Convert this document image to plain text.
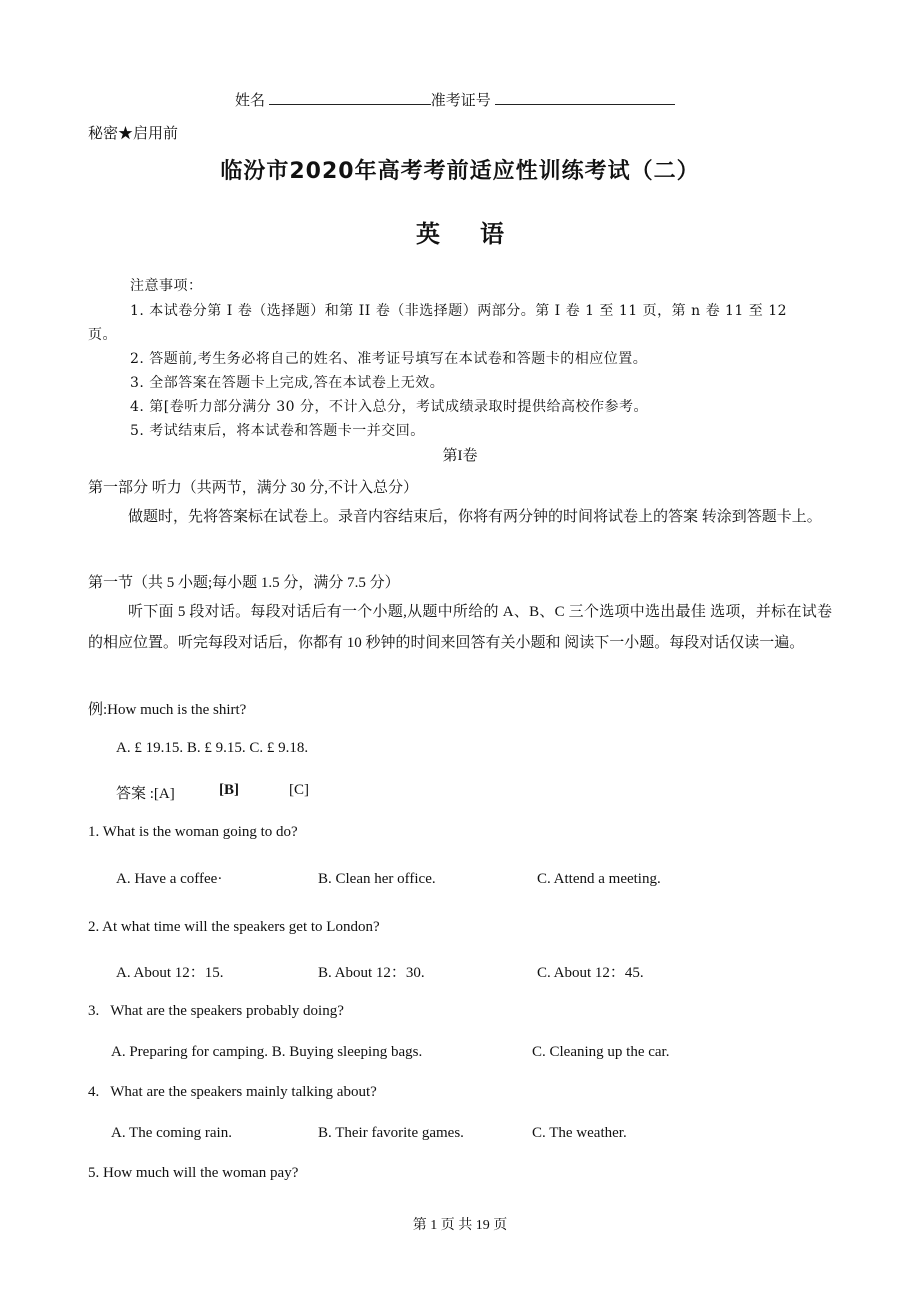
姓名	准考证号
秘密★启用前
临汾市2020年高考考前适应性训练考试（二）
英语
注意事项：
1. 本试卷分第 I 卷（选择题）和第 II 卷（非选择题）两部分。第 I 卷 1 至 11 页，第 n 卷 11 至 12
页。
2. 答题前,考生务必将自己的姓名、准考证号填写在本试卷和答题卡的相应位置。
3. 全部答案在答题卡上完成,答在本试卷上无效。
4. 第[卷听力部分满分 30 分，不计入总分，考试成绩录取时提供给高校作参考。
5. 考试结束后，将本试卷和答题卡一并交回。
第I卷
第一部分 听力（共两节，满分 30 分,不计入总分）
做题时，先将答案标在试卷上。录音内容结束后，你将有两分钟的时间将试卷上的答案 转涂到答题卡上。
第一节（共 5 小题;每小题 1.5 分，满分 7.5 分）
听下面 5 段对话。每段对话后有一个小题,从题中所给的 A、B、C 三个选项中选出最佳 选项，并标在试卷的相应位置。听完每段对话后，你都有 10 秒钟的时间来回答有关小题和 阅读下一小题。每段对话仅读一遍。
例:How much is the shirt?
A. £ 19.15. B. £ 9.15. C. £ 9.18.
答案 :[A]	[B]	[C]
1. What is the woman going to do?
A. Have a coffee·	B. Clean her office.	C. Attend a meeting.
2. At what time will the speakers get to London?
A. About 12：15.	B. About 12：30.	C. About 12：45.
3.   What are the speakers probably doing?
A. Preparing for camping. B. Buying sleeping bags.	C. Cleaning up the car.
4.   What are the speakers mainly talking about?
A. The coming rain.	B. Their favorite games.	C. The weather.
5. How much will the woman pay?
第 1 页 共 19 页
